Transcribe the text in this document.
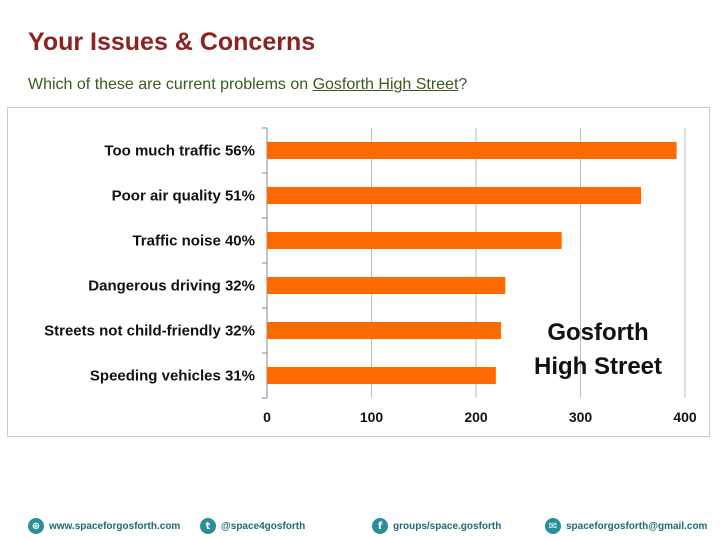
Your Issues & Concerns
Which of these are current problems on Gosforth High Street?
0	100	200	300	400
Too much traffic 56%
Poor air quality 51%
Traffic noise 40%
Dangerous driving 32%
Streets not child-friendly 32%
Speeding vehicles 31%
Gosforth
High Street
⊕ www.spaceforgosforth.com	t	@space4gosforth	f	groups/space.gosforth	✉ spaceforgosforth@gmail.com
